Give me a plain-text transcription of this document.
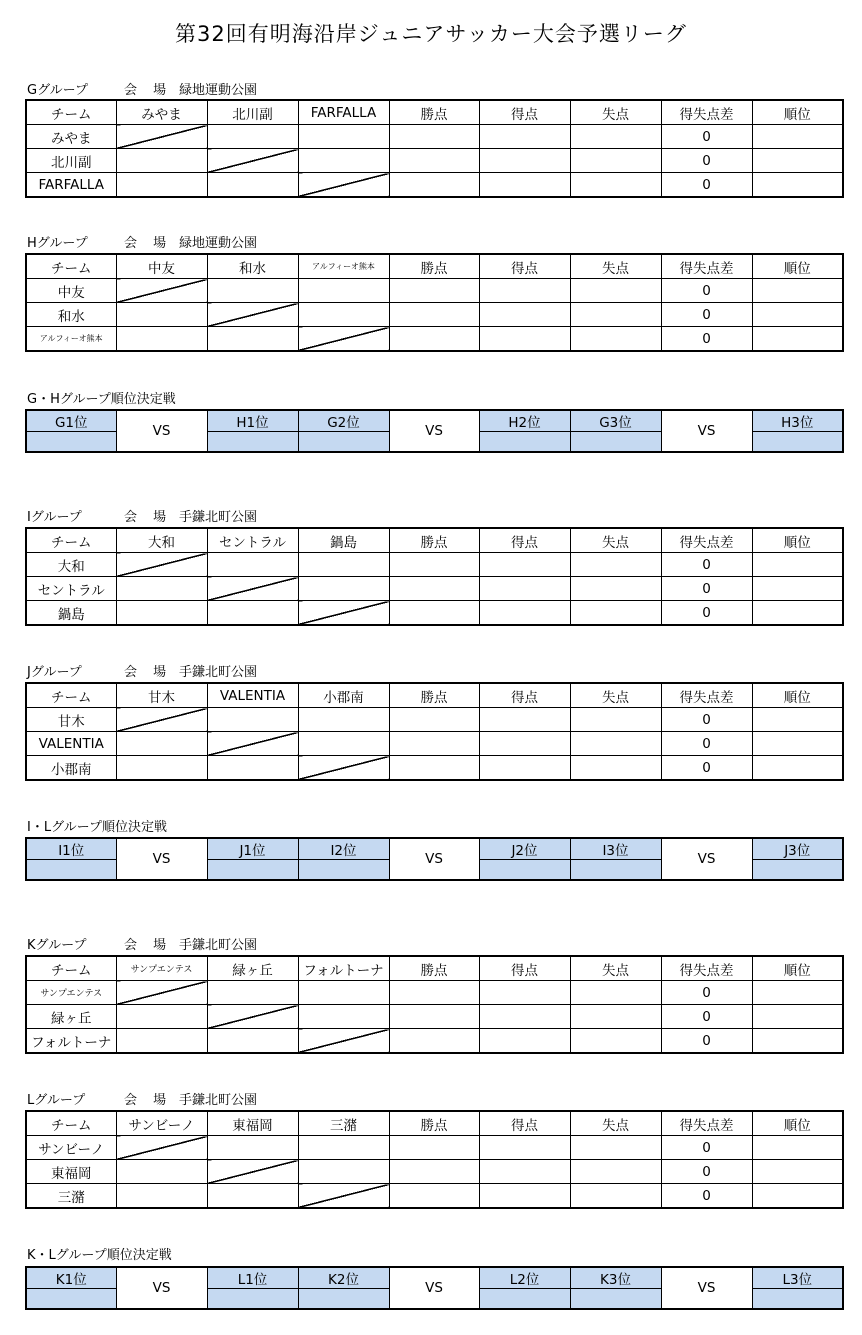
第32回有明海沿岸ジュニアサッカー大会予選リーグ
Gグループ	会 場 緑地運動公園
チーム	みやま	北川副	FARFALLA	勝点	得点	失点	得失点差	順位
みやま							0	
北川副							0	
FARFALLA							0	
Hグループ	会 場 緑地運動公園
チーム	中友	和水	アルフィーオ熊本	勝点	得点	失点	得失点差	順位
中友							0	
和水							0	
アルフィーオ熊本							0	
G・Hグループ順位決定戦
G1位	VS	H1位	G2位	VS	H2位	G3位	VS	H3位

Iグループ	会 場 手鎌北町公園
チーム	大和	セントラル	鍋島	勝点	得点	失点	得失点差	順位
大和							0	
セントラル							0	
鍋島							0	
Jグループ	会 場 手鎌北町公園
チーム	甘木	VALENTIA	小郡南	勝点	得点	失点	得失点差	順位
甘木							0	
VALENTIA							0	
小郡南							0	
I・Lグループ順位決定戦
I1位	VS	J1位	I2位	VS	J2位	I3位	VS	J3位

Kグループ	会 場 手鎌北町公園
チーム	サンプエンテス	緑ヶ丘	フォルトーナ	勝点	得点	失点	得失点差	順位
サンプエンテス							0	
緑ヶ丘							0	
フォルトーナ							0	
Lグループ	会 場 手鎌北町公園
チーム	サンビーノ	東福岡	三潴	勝点	得点	失点	得失点差	順位
サンビーノ							0	
東福岡							0	
三潴							0	
K・Lグループ順位決定戦
K1位	VS	L1位	K2位	VS	L2位	K3位	VS	L3位
